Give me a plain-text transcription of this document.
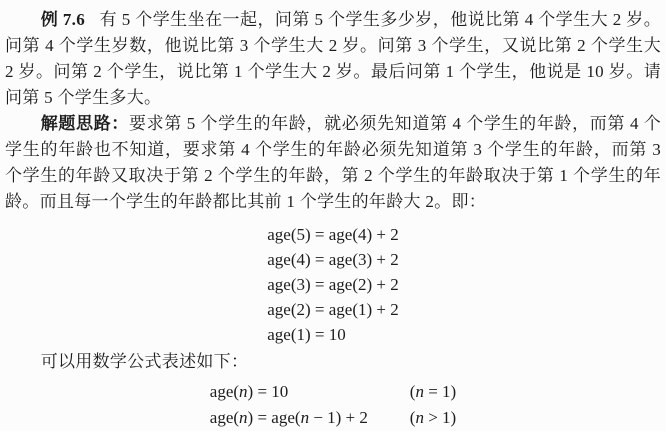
例 7.6 有 5 个学生坐在一起，问第 5 个学生多少岁，他说比第 4 个学生大 2 岁。问第 4 个学生岁数，他说比第 3 个学生大 2 岁。问第 3 个学生，又说比第 2 个学生大 2 岁。问第 2 个学生，说比第 1 个学生大 2 岁。最后问第 1 个学生，他说是 10 岁。请问第 5 个学生多大。

解题思路：要求第 5 个学生的年龄，就必须先知道第 4 个学生的年龄，而第 4 个学生的年龄也不知道，要求第 4 个学生的年龄必须先知道第 3 个学生的年龄，而第 3 个学生的年龄又取决于第 2 个学生的年龄，第 2 个学生的年龄取决于第 1 个学生的年龄。而且每一个学生的年龄都比其前 1 个学生的年龄大 2。即：

age(5) = age(4) + 2
age(4) = age(3) + 2
age(3) = age(2) + 2
age(2) = age(1) + 2
age(1) = 10

可以用数学公式表述如下：

age(n) = 10	(n = 1)
age(n) = age(n − 1) + 2	(n > 1)
